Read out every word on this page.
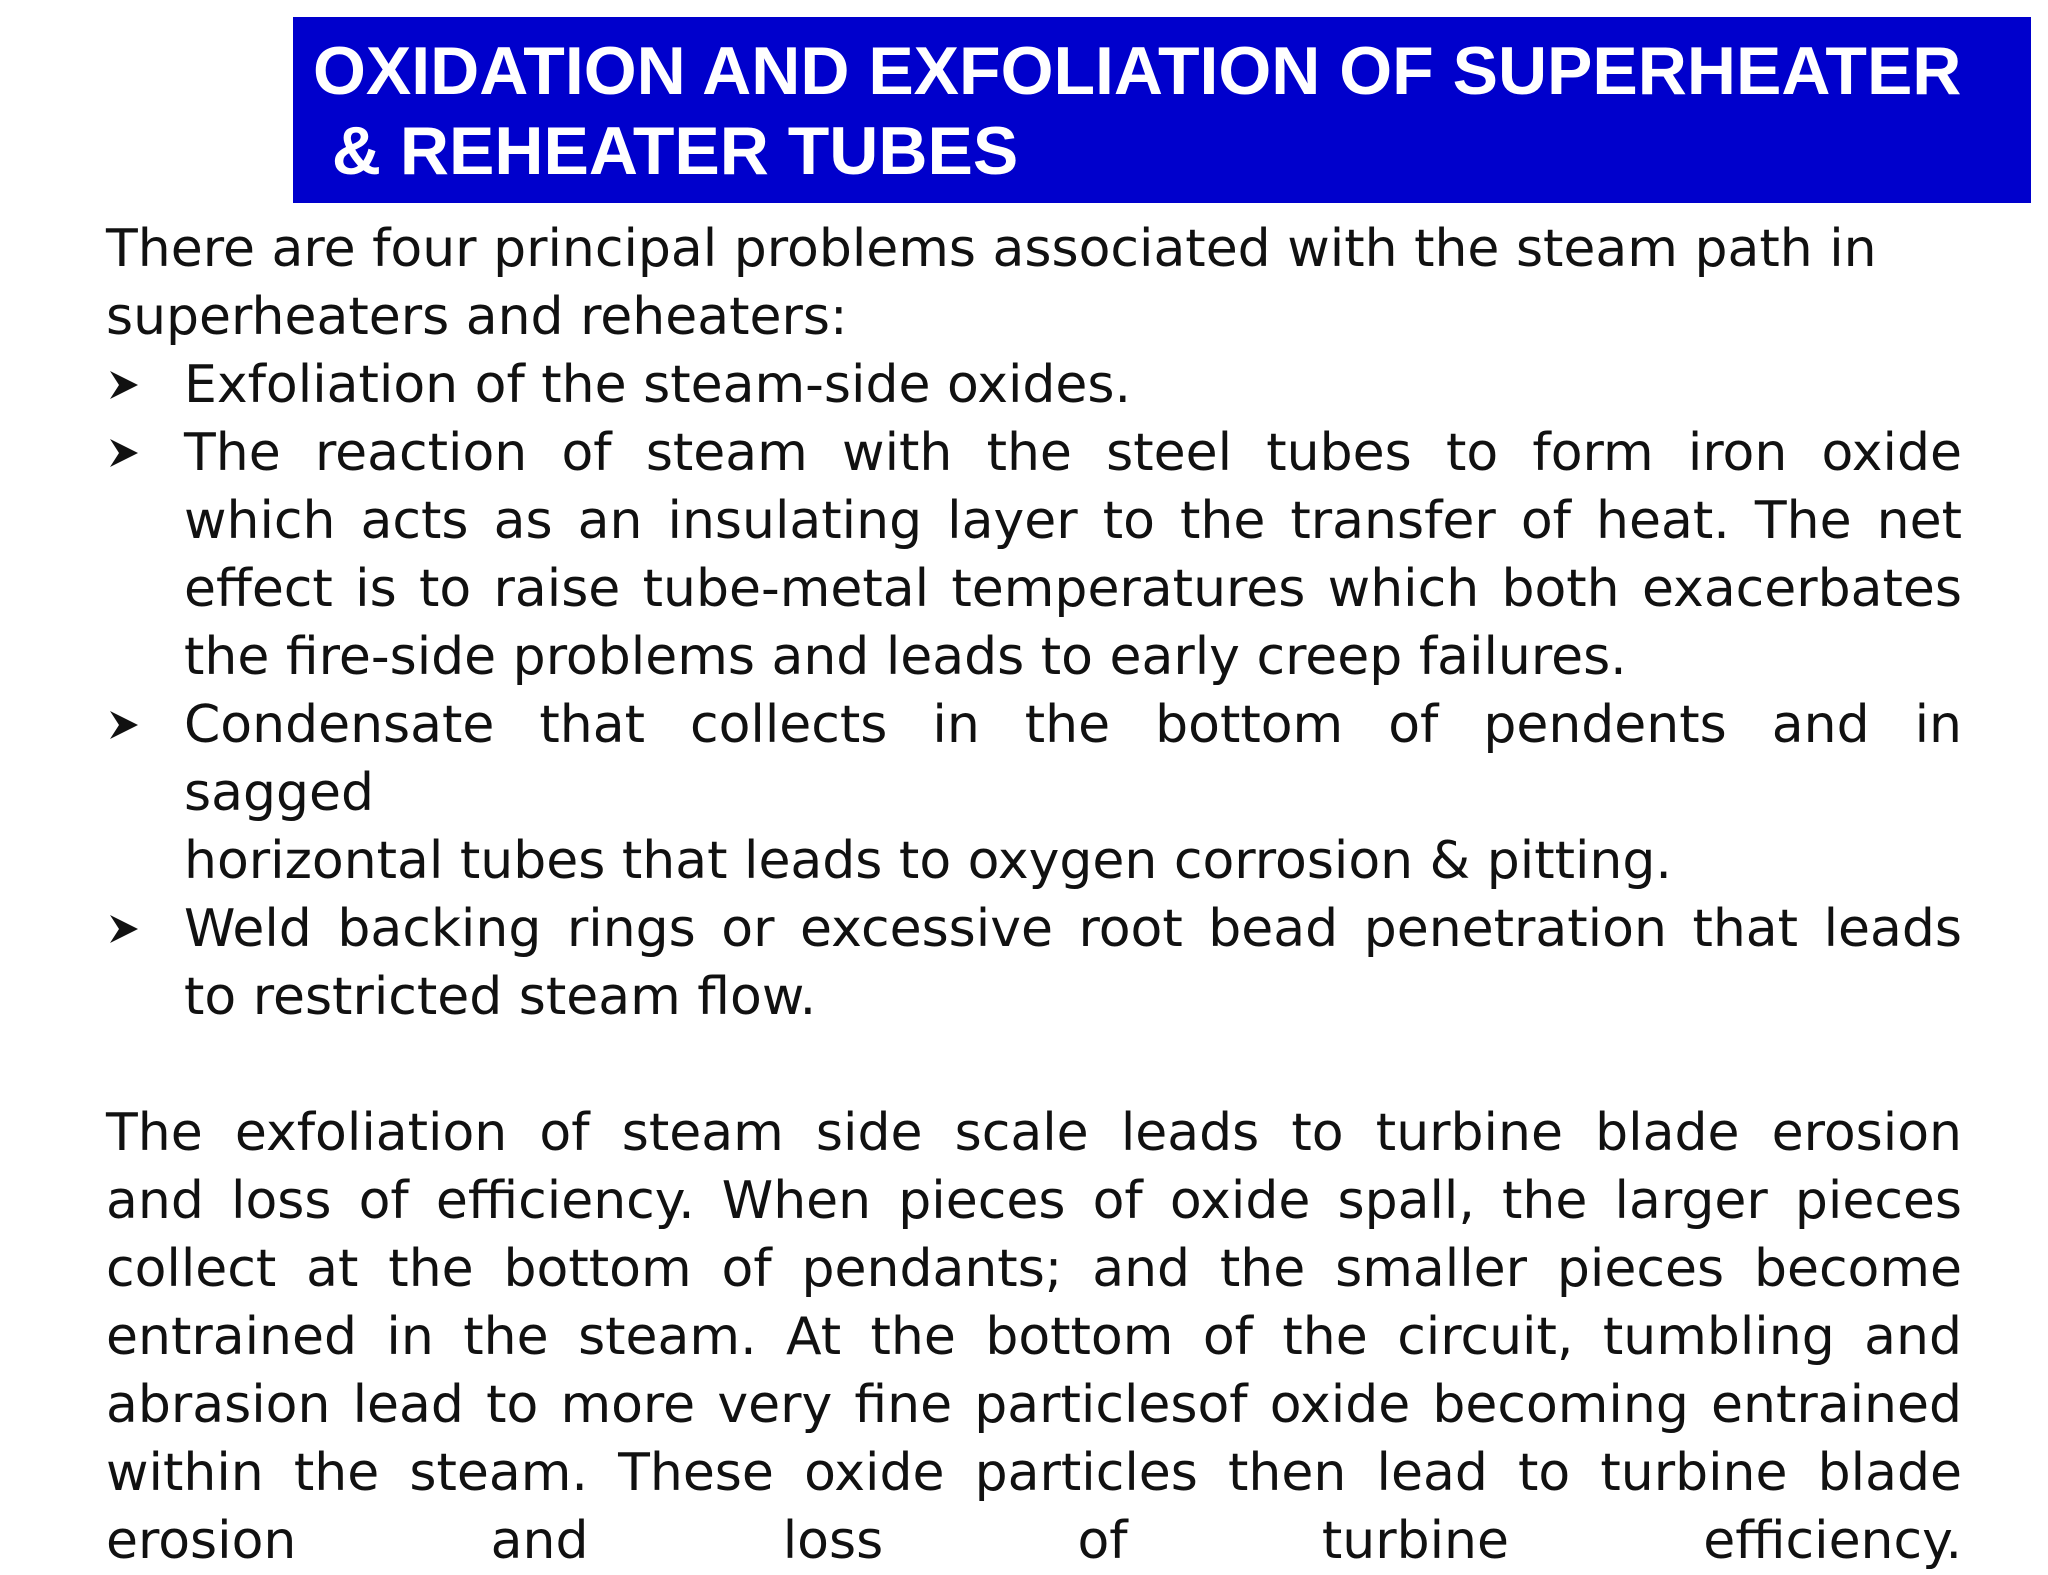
OXIDATION AND EXFOLIATION OF SUPERHEATER
& REHEATER TUBES
There are four principal problems associated with the steam path in
superheaters and reheaters:
Exfoliation of the steam-side oxides.
The reaction of steam with the steel tubes to form iron oxide
which acts as an insulating layer to the transfer of heat. The net
effect is to raise tube-metal temperatures which both exacerbates
the fire-side problems and leads to early creep failures.
Condensate that collects in the bottom of pendents and in
sagged
horizontal tubes that leads to oxygen corrosion & pitting.
Weld backing rings or excessive root bead penetration that leads
to restricted steam flow.
The exfoliation of steam side scale leads to turbine blade erosion
and loss of efficiency. When pieces of oxide spall, the larger pieces
collect at the bottom of pendants; and the smaller pieces become
entrained in the steam. At the bottom of the circuit, tumbling and
abrasion lead to more very fine particlesof oxide becoming entrained
within the steam. These oxide particles then lead to turbine blade
erosion and loss of turbine efficiency.
